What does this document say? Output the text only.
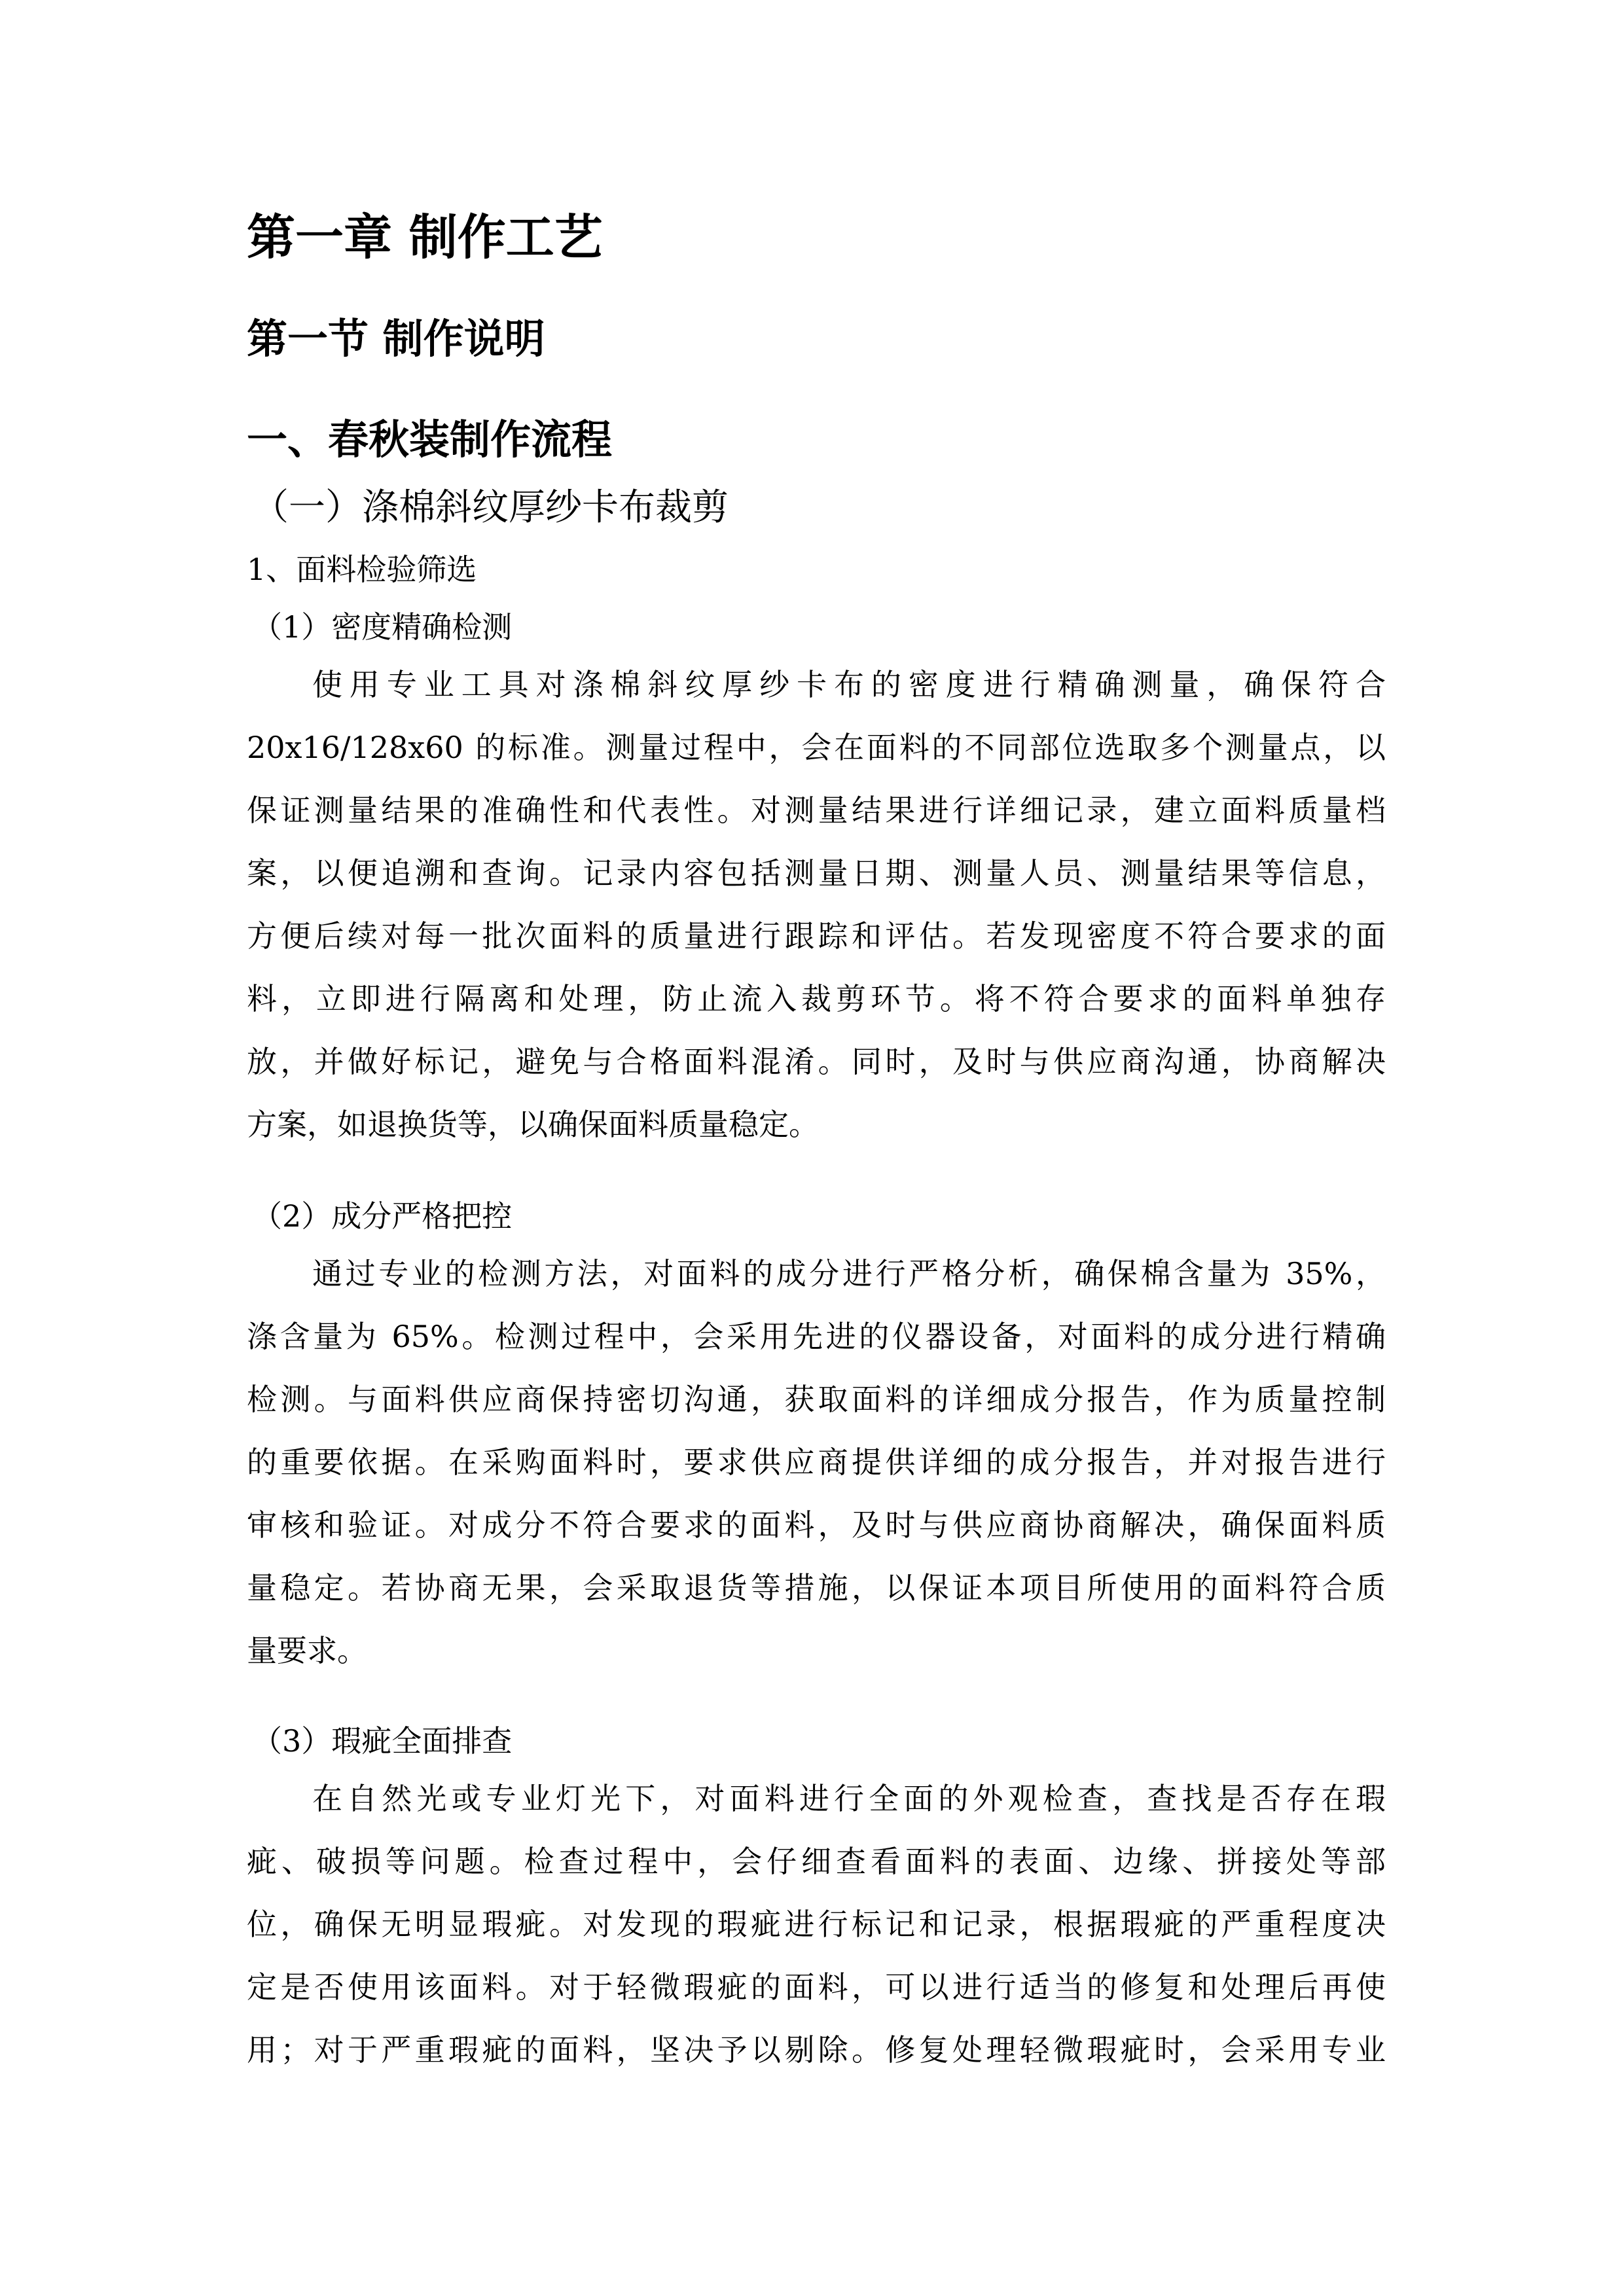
第一章 制作工艺
第一节 制作说明
一、春秋装制作流程
（一）涤棉斜纹厚纱卡布裁剪
1、面料检验筛选
（1）密度精确检测
使用专业工具对涤棉斜纹厚纱卡布的密度进行精确测量，确保符合
20x16/128x60 的标准。测量过程中，会在面料的不同部位选取多个测量点，以
保证测量结果的准确性和代表性。对测量结果进行详细记录，建立面料质量档
案，以便追溯和查询。记录内容包括测量日期、测量人员、测量结果等信息，
方便后续对每一批次面料的质量进行跟踪和评估。若发现密度不符合要求的面
料，立即进行隔离和处理，防止流入裁剪环节。将不符合要求的面料单独存
放，并做好标记，避免与合格面料混淆。同时，及时与供应商沟通，协商解决
方案，如退换货等，以确保面料质量稳定。
（2）成分严格把控
通过专业的检测方法，对面料的成分进行严格分析，确保棉含量为 35%，
涤含量为 65%。检测过程中，会采用先进的仪器设备，对面料的成分进行精确
检测。与面料供应商保持密切沟通，获取面料的详细成分报告，作为质量控制
的重要依据。在采购面料时，要求供应商提供详细的成分报告，并对报告进行
审核和验证。对成分不符合要求的面料，及时与供应商协商解决，确保面料质
量稳定。若协商无果，会采取退货等措施，以保证本项目所使用的面料符合质
量要求。
（3）瑕疵全面排查
在自然光或专业灯光下，对面料进行全面的外观检查，查找是否存在瑕
疵、破损等问题。检查过程中，会仔细查看面料的表面、边缘、拼接处等部
位，确保无明显瑕疵。对发现的瑕疵进行标记和记录，根据瑕疵的严重程度决
定是否使用该面料。对于轻微瑕疵的面料，可以进行适当的修复和处理后再使
用；对于严重瑕疵的面料，坚决予以剔除。修复处理轻微瑕疵时，会采用专业
